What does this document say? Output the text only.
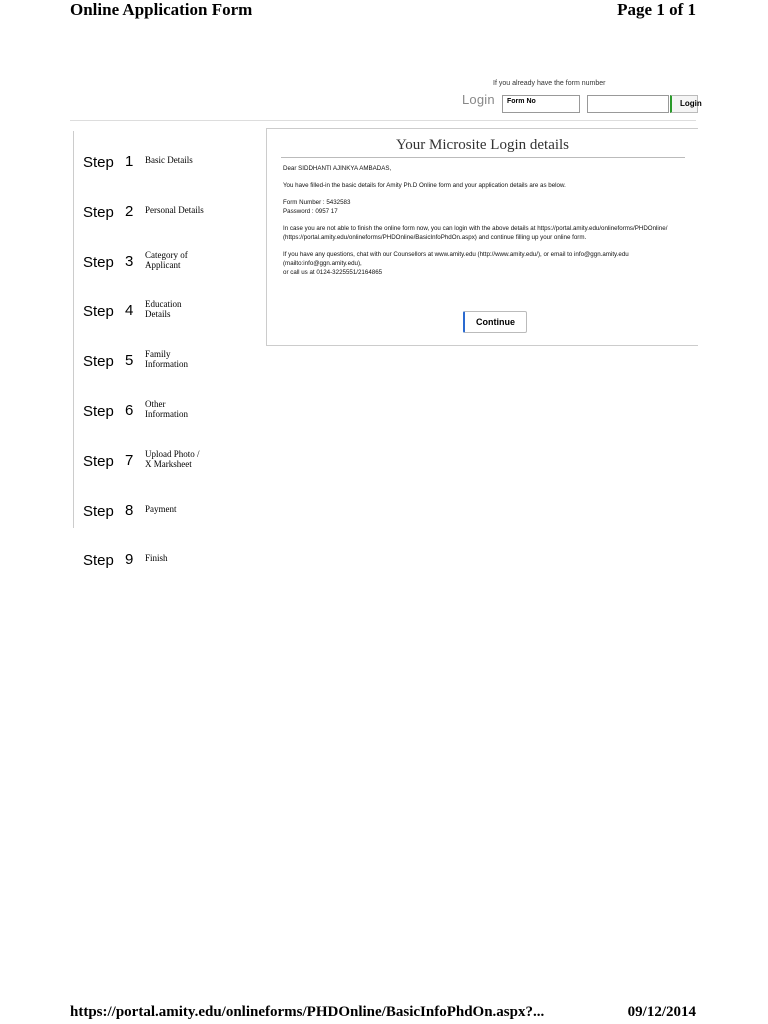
Online Application Form	Page 1 of 1
If you already have the form number
Login	Form No	Login
Step 1 Basic Details
Step 2 Personal Details
Step 3 Category of
Applicant
Step 4 Education
Details
Step 5 Family
Information
Step 6 Other
Information
Step 7 Upload Photo /
X Marksheet
Step 8 Payment
Step 9 Finish
Your Microsite Login details

Dear SIDDHANTI AJINKYA AMBADAS,

You have filled-in the basic details for Amity Ph.D Online form and your application details are as below.

Form Number : 5432583
Password : 0957 17

In case you are not able to finish the online form now, you can login with the above details at https://portal.amity.edu/onlineforms/PHDOnline/ (https://portal.amity.edu/onlineforms/PHDOnline/BasicInfoPhdOn.aspx) and continue filling up your online form.

If you have any questions, chat with our Counsellors at www.amity.edu (http://www.amity.edu/), or email to info@ggn.amity.edu (mailto:info@ggn.amity.edu),
or call us at 0124-3225551/2164865

Continue
https://portal.amity.edu/onlineforms/PHDOnline/BasicInfoPhdOn.aspx?...	09/12/2014
